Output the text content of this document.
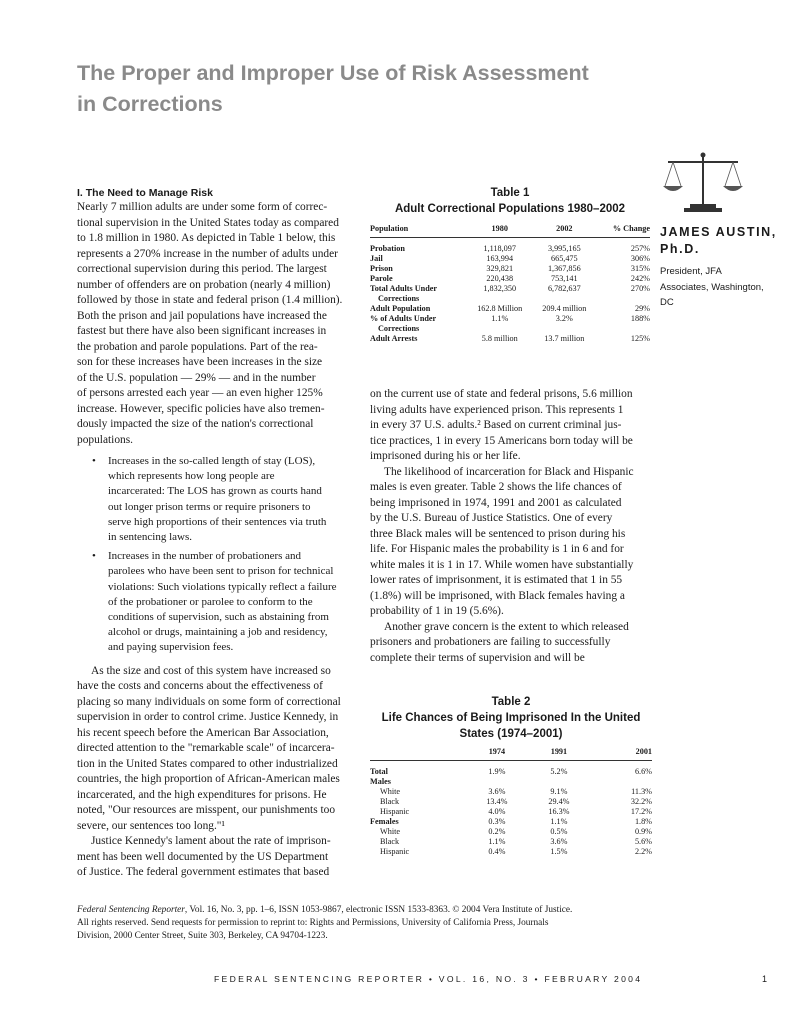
The Proper and Improper Use of Risk Assessment
in Corrections
JAMES AUSTIN,
Ph.D.
President, JFA
Associates, Washington,
DC
I. The Need to Manage Risk
Nearly 7 million adults are under some form of correc-
tional supervision in the United States today as compared
to 1.8 million in 1980. As depicted in Table 1 below, this
represents a 270% increase in the number of adults under
correctional supervision during this period. The largest
number of offenders are on probation (nearly 4 million)
followed by those in state and federal prison (1.4 million).
Both the prison and jail populations have increased the
fastest but there have also been significant increases in
the probation and parole populations. Part of the rea-
son for these increases have been increases in the size
of the U.S. population — 29% — and in the number
of persons arrested each year — an even higher 125%
increase. However, specific policies have also tremen-
dously impacted the size of the nation's correctional
populations.
• Increases in the so-called length of stay (LOS),
which represents how long people are
incarcerated: The LOS has grown as courts hand
out longer prison terms or require prisoners to
serve high proportions of their sentences via truth
in sentencing laws.
• Increases in the number of probationers and
parolees who have been sent to prison for technical
violations: Such violations typically reflect a failure
of the probationer or parolee to conform to the
conditions of supervision, such as abstaining from
alcohol or drugs, maintaining a job and residency,
and paying supervision fees.
As the size and cost of this system have increased so
have the costs and concerns about the effectiveness of
placing so many individuals on some form of correctional
supervision in order to control crime. Justice Kennedy, in
his recent speech before the American Bar Association,
directed attention to the "remarkable scale" of incarcera-
tion in the United States compared to other industrialized
countries, the high proportion of African-American males
incarcerated, and the high expenditures for prisons. He
noted, "Our resources are misspent, our punishments too
severe, our sentences too long."¹
Justice Kennedy's lament about the rate of imprison-
ment has been well documented by the US Department
of Justice. The federal government estimates that based
Table 1
Adult Correctional Populations 1980–2002
Population	1980	2002	% Change

Probation	1,118,097	3,995,165	257%

Jail	163,994	665,475	306%

Prison	329,821	1,367,856	315%

Parole	220,438	753,141	242%

Total Adults Under
Corrections	1,832,350	6,782,637	270%

Adult Population	162.8 Million	209.4 million	29%

% of Adults Under
Corrections	1.1%	3.2%	188%

Adult Arrests	5.8 million	13.7 million	125%
on the current use of state and federal prisons, 5.6 million
living adults have experienced prison. This represents 1
in every 37 U.S. adults.² Based on current criminal jus-
tice practices, 1 in every 15 Americans born today will be
imprisoned during his or her life.
The likelihood of incarceration for Black and Hispanic
males is even greater. Table 2 shows the life chances of
being imprisoned in 1974, 1991 and 2001 as calculated
by the U.S. Bureau of Justice Statistics. One of every
three Black males will be sentenced to prison during his
life. For Hispanic males the probability is 1 in 6 and for
white males it is 1 in 17. While women have substantially
lower rates of imprisonment, it is estimated that 1 in 55
(1.8%) will be imprisoned, with Black females having a
probability of 1 in 19 (5.6%).
Another grave concern is the extent to which released
prisoners and probationers are failing to successfully
complete their terms of supervision and will be
Table 2
Life Chances of Being Imprisoned In the United
States (1974–2001)
	1974	1991	2001
Total	1.9%	5.2%	6.6%
Males			
White	3.6%	9.1%	11.3%
Black	13.4%	29.4%	32.2%
Hispanic	4.0%	16.3%	17.2%
Females	0.3%	1.1%	1.8%
White	0.2%	0.5%	0.9%
Black	1.1%	3.6%	5.6%
Hispanic	0.4%	1.5%	2.2%
Federal Sentencing Reporter, Vol. 16, No. 3, pp. 1–6, ISSN 1053-9867, electronic ISSN 1533-8363. © 2004 Vera Institute of Justice.
All rights reserved. Send requests for permission to reprint to: Rights and Permissions, University of California Press, Journals
Division, 2000 Center Street, Suite 303, Berkeley, CA 94704-1223.
FEDERAL SENTENCING REPORTER • VOL. 16, NO. 3 • FEBRUARY 2004	1
